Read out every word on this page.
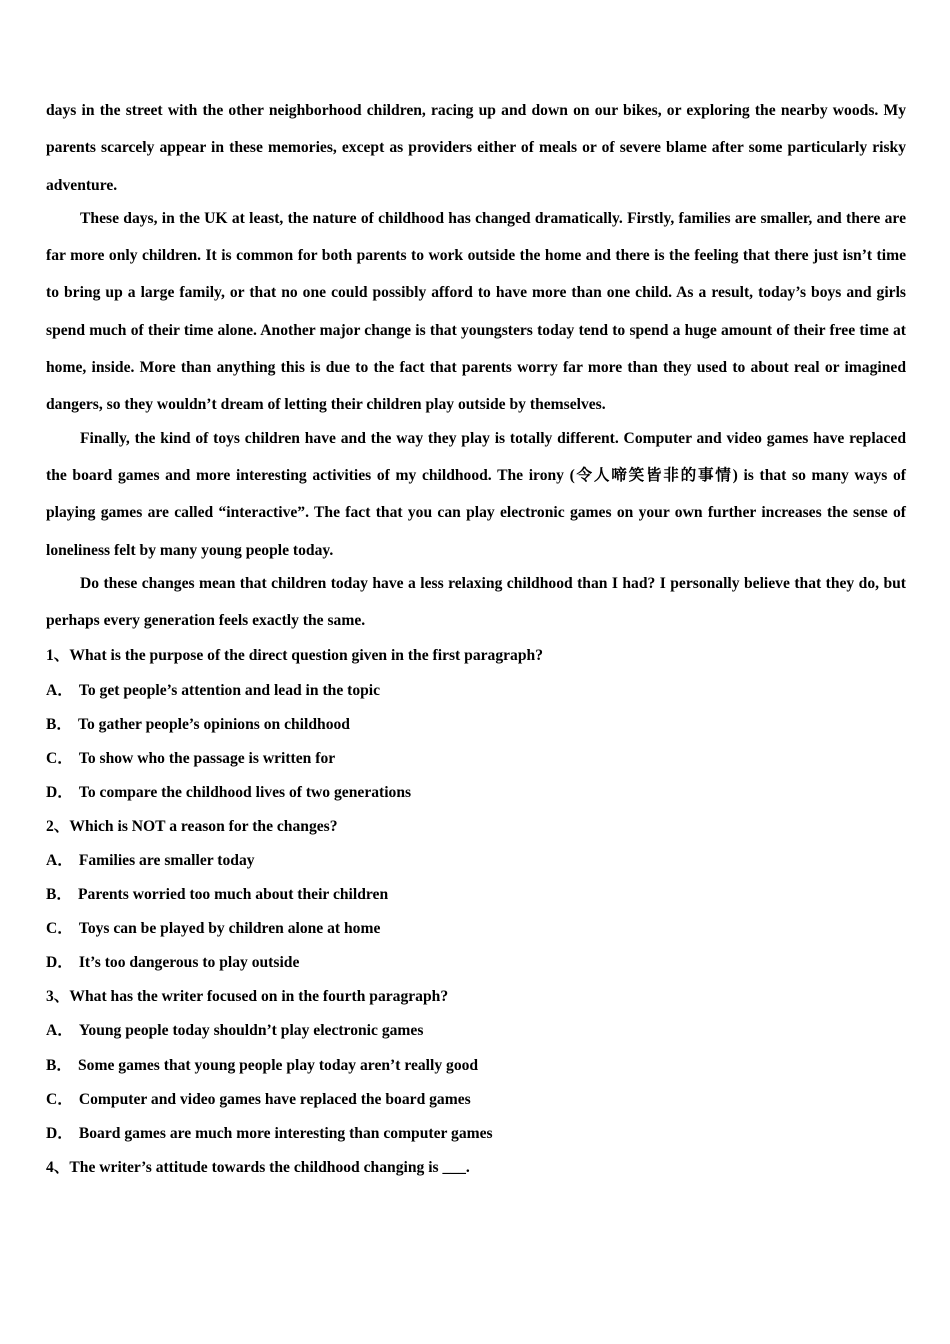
days in the street with the other neighborhood children, racing up and down on our bikes, or exploring the nearby woods. My parents scarcely appear in these memories, except as providers either of meals or of severe blame after some particularly risky adventure.

These days, in the UK at least, the nature of childhood has changed dramatically. Firstly, families are smaller, and there are far more only children. It is common for both parents to work outside the home and there is the feeling that there just isn’t time to bring up a large family, or that no one could possibly afford to have more than one child. As a result, today’s boys and girls spend much of their time alone. Another major change is that youngsters today tend to spend a huge amount of their free time at home, inside. More than anything this is due to the fact that parents worry far more than they used to about real or imagined dangers, so they wouldn’t dream of letting their children play outside by themselves.

Finally, the kind of toys children have and the way they play is totally different. Computer and video games have replaced the board games and more interesting activities of my childhood. The irony (令人啼笑皆非的事情) is that so many ways of playing games are called “interactive”. The fact that you can play electronic games on your own further increases the sense of loneliness felt by many young people today.

Do these changes mean that children today have a less relaxing childhood than I had? I personally believe that they do, but perhaps every generation feels exactly the same.

1、What is the purpose of the direct question given in the first paragraph?

A． To get people’s attention and lead in the topic

B． To gather people’s opinions on childhood

C． To show who the passage is written for

D． To compare the childhood lives of two generations

2、Which is NOT a reason for the changes?

A． Families are smaller today

B． Parents worried too much about their children

C． Toys can be played by children alone at home

D． It’s too dangerous to play outside

3、What has the writer focused on in the fourth paragraph?

A． Young people today shouldn’t play electronic games

B． Some games that young people play today aren’t really good

C． Computer and video games have replaced the board games

D． Board games are much more interesting than computer games

4、The writer’s attitude towards the childhood changing is ___.
